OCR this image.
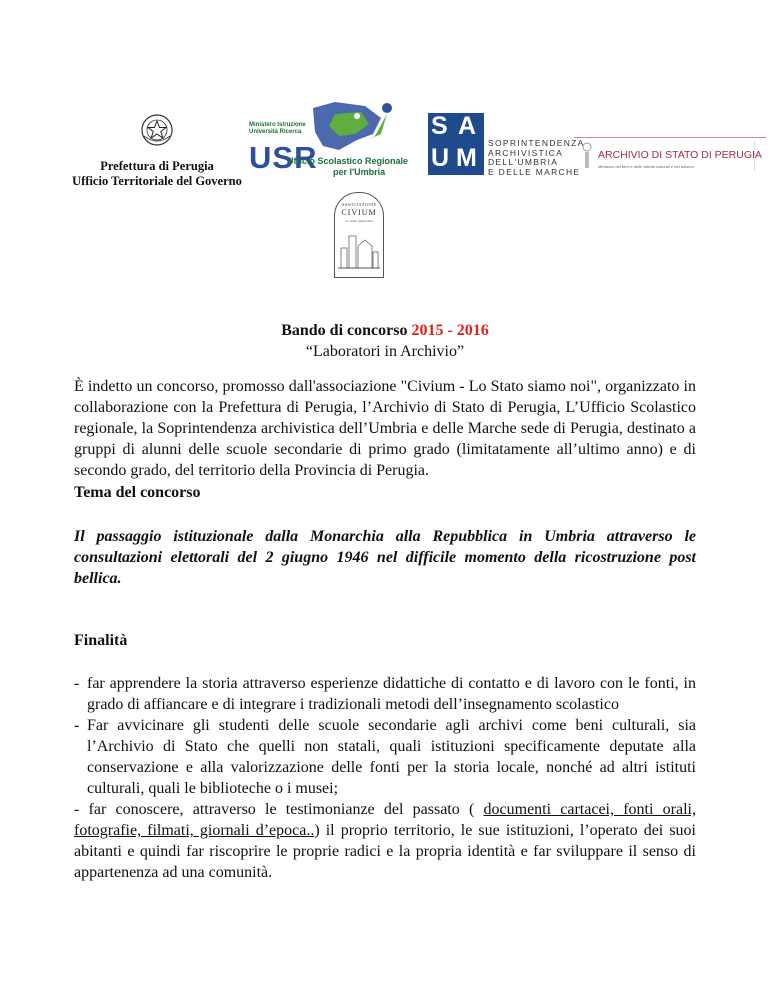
Prefettura di Perugia
Ufficio Territoriale del Governo
Ministero Istruzione Università Ricerca
USR
Ufficio Scolastico Regionale
per l'Umbria
S A
U M
SOPRINTENDENZA
ARCHIVISTICA
DELL'UMBRIA
E DELLE MARCHE
ARCHIVIO DI STATO DI PERUGIA
Ministero dei beni e delle attività culturali e del turismo
ASSOCIAZIONE
CIVIUM
Lo Stato siamo Noi
Bando di concorso 2015 - 2016
“Laboratori in Archivio”
È indetto un concorso, promosso dall'associazione "Civium - Lo Stato siamo noi", organizzato in collaborazione con la Prefettura di Perugia, l’Archivio di Stato di Perugia, L’Ufficio Scolastico regionale, la Soprintendenza archivistica dell’Umbria e delle Marche sede di Perugia, destinato a gruppi di alunni delle scuole secondarie di primo grado (limitatamente all’ultimo anno) e di secondo grado, del territorio della Provincia di Perugia.
Tema del concorso
Il passaggio istituzionale dalla Monarchia alla Repubblica in Umbria attraverso le consultazioni elettorali del 2 giugno 1946 nel difficile momento della ricostruzione post bellica.
Finalità
- far apprendere la storia attraverso esperienze didattiche di contatto e di lavoro con le fonti, in grado di affiancare e di integrare i tradizionali metodi dell’insegnamento scolastico
- Far avvicinare gli studenti delle scuole secondarie agli archivi come beni culturali, sia l’Archivio di Stato che quelli non statali, quali istituzioni specificamente deputate alla conservazione e alla valorizzazione delle fonti per la storia locale, nonché ad altri istituti culturali, quali le biblioteche o i musei;
- far conoscere, attraverso le testimonianze del passato ( documenti cartacei, fonti orali, fotografie, filmati, giornali d’epoca..) il proprio territorio, le sue istituzioni, l’operato dei suoi abitanti e quindi far riscoprire le proprie radici e la propria identità e far sviluppare il senso di appartenenza ad una comunità.
